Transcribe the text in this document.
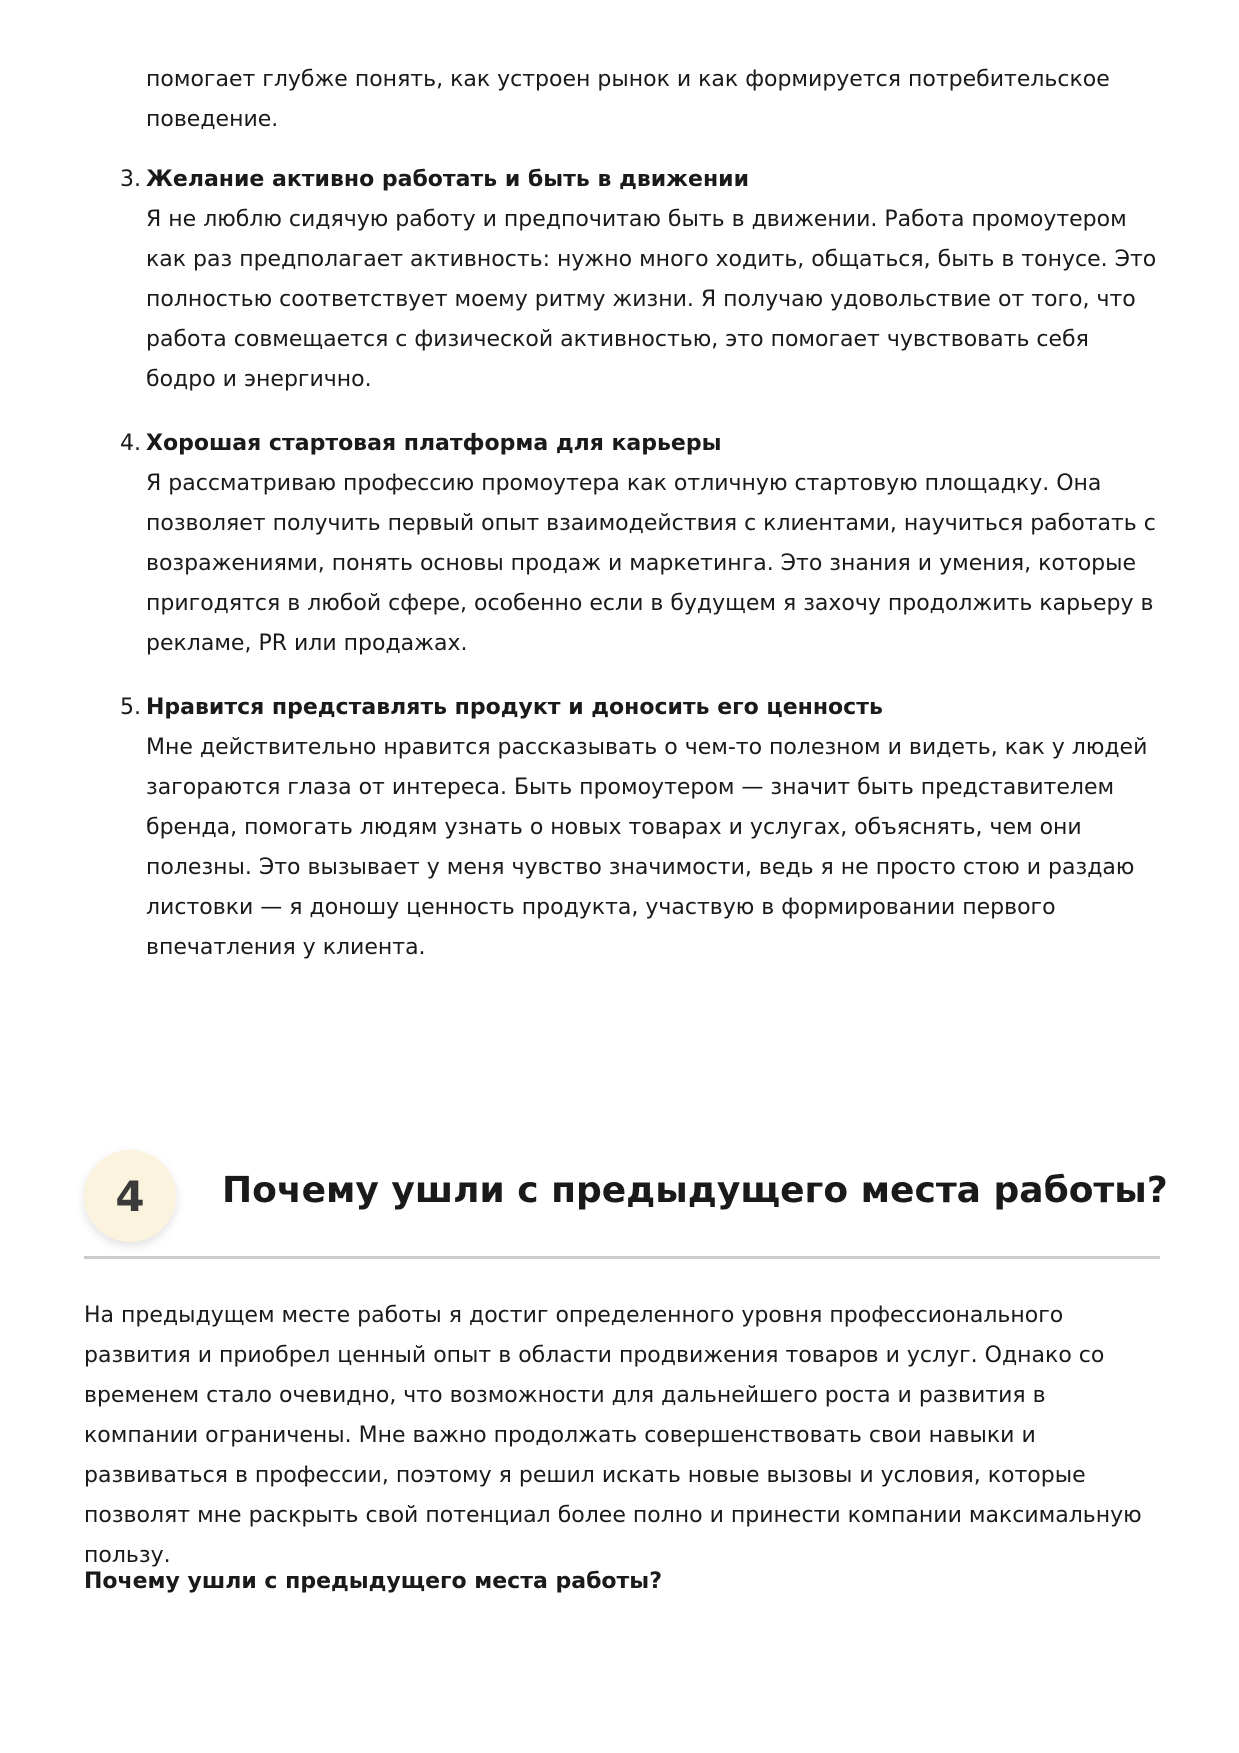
помогает глубже понять, как устроен рынок и как формируется потребительское поведение.

3. Желание активно работать и быть в движении
Я не люблю сидячую работу и предпочитаю быть в движении. Работа промоутером как раз предполагает активность: нужно много ходить, общаться, быть в тонусе. Это полностью соответствует моему ритму жизни. Я получаю удовольствие от того, что работа совмещается с физической активностью, это помогает чувствовать себя бодро и энергично.
4. Хорошая стартовая платформа для карьеры
Я рассматриваю профессию промоутера как отличную стартовую площадку. Она позволяет получить первый опыт взаимодействия с клиентами, научиться работать с возражениями, понять основы продаж и маркетинга. Это знания и умения, которые пригодятся в любой сфере, особенно если в будущем я захочу продолжить карьеру в рекламе, PR или продажах.
5. Нравится представлять продукт и доносить его ценность
Мне действительно нравится рассказывать о чем-то полезном и видеть, как у людей загораются глаза от интереса. Быть промоутером — значит быть представителем бренда, помогать людям узнать о новых товарах и услугах, объяснять, чем они полезны. Это вызывает у меня чувство значимости, ведь я не просто стою и раздаю листовки — я доношу ценность продукта, участвую в формировании первого впечатления у клиента.
4	Почему ушли с предыдущего места работы?

На предыдущем месте работы я достиг определенного уровня профессионального развития и приобрел ценный опыт в области продвижения товаров и услуг. Однако со временем стало очевидно, что возможности для дальнейшего роста и развития в компании ограничены. Мне важно продолжать совершенствовать свои навыки и развиваться в профессии, поэтому я решил искать новые вызовы и условия, которые позволят мне раскрыть свой потенциал более полно и принести компании максимальную пользу.

Почему ушли с предыдущего места работы?
